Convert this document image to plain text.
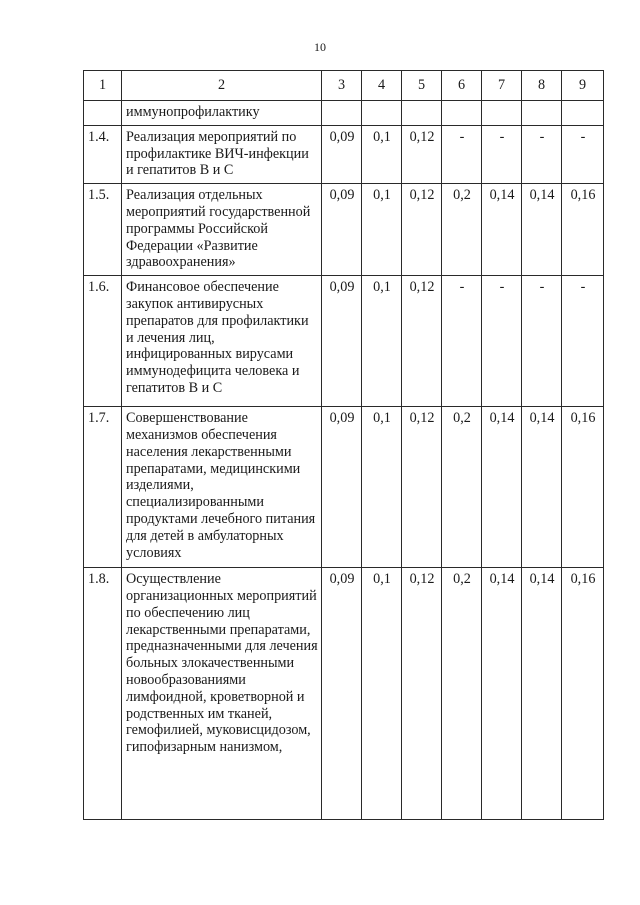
10
1	2	3	4	5	6	7	8	9
	иммунопрофилактику							
1.4.	Реализация мероприятий по профилактике ВИЧ-инфекции и гепатитов В и С	0,09	0,1	0,12	-	-	-	-
1.5.	Реализация отдельных мероприятий государственной программы Российской Федерации «Развитие здравоохранения»	0,09	0,1	0,12	0,2	0,14	0,14	0,16
1.6.	Финансовое обеспечение закупок антивирусных препаратов для профилактики и лечения лиц, инфицированных вирусами иммунодефицита человека и гепатитов В и С	0,09	0,1	0,12	-	-	-	-
1.7.	Совершенствование механизмов обеспечения населения лекарственными препаратами, медицинскими изделиями, специализированными продуктами лечебного питания для детей в амбулаторных условиях	0,09	0,1	0,12	0,2	0,14	0,14	0,16
1.8.	Осуществление организационных мероприятий по обеспечению лиц лекарственными препаратами, предназначенными для лечения больных злокачественными новообразованиями лимфоидной, кроветворной и родственных им тканей, гемофилией, муковисцидозом, гипофизарным нанизмом,	0,09	0,1	0,12	0,2	0,14	0,14	0,16
